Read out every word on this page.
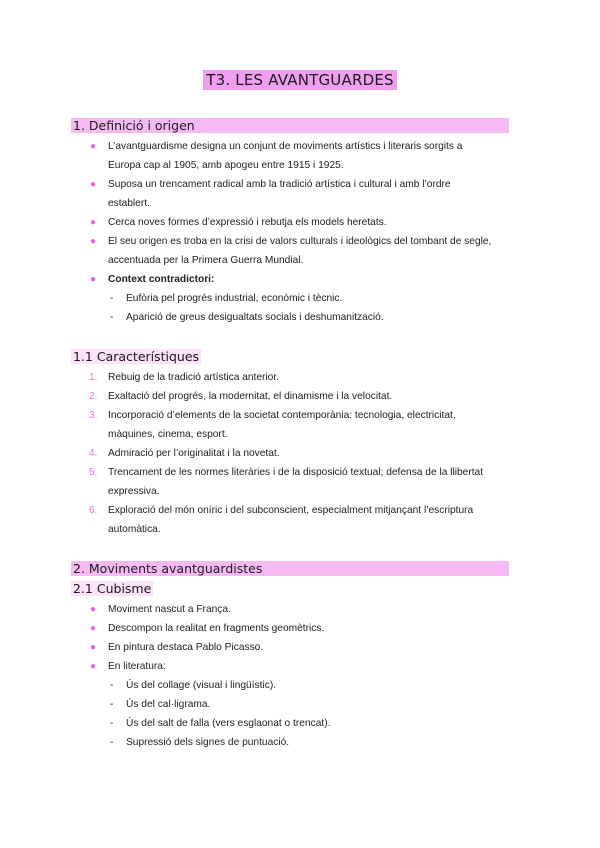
T3. LES AVANTGUARDES
1. Definició i origen
● L’avantguardisme designa un conjunt de moviments artístics i literaris sorgits a
Europa cap al 1905, amb apogeu entre 1915 i 1925.
● Suposa un trencament radical amb la tradició artística i cultural i amb l’ordre
establert.
● Cerca noves formes d’expressió i rebutja els models heretats.
● El seu origen es troba en la crisi de valors culturals i ideològics del tombant de segle,
accentuada per la Primera Guerra Mundial.
● Context contradictori:
- Eufòria pel progrés industrial, econòmic i tècnic.
- Aparició de greus desigualtats socials i deshumanització.
1.1 Característiques
1. Rebuig de la tradició artística anterior.
2. Exaltació del progrés, la modernitat, el dinamisme i la velocitat.
3. Incorporació d’elements de la societat contemporània: tecnologia, electricitat,
màquines, cinema, esport.
4. Admiració per l’originalitat i la novetat.
5. Trencament de les normes literàries i de la disposició textual; defensa de la llibertat
expressiva.
6. Exploració del món oníric i del subconscient, especialment mitjançant l’escriptura
automàtica.
2. Moviments avantguardistes
2.1 Cubisme
● Moviment nascut a França.
● Descompon la realitat en fragments geomètrics.
● En pintura destaca Pablo Picasso.
● En literatura:
- Ús del collage (visual i lingüístic).
- Ús del cal·ligrama.
- Ús del salt de falla (vers esglaonat o trencat).
- Supressió dels signes de puntuació.
